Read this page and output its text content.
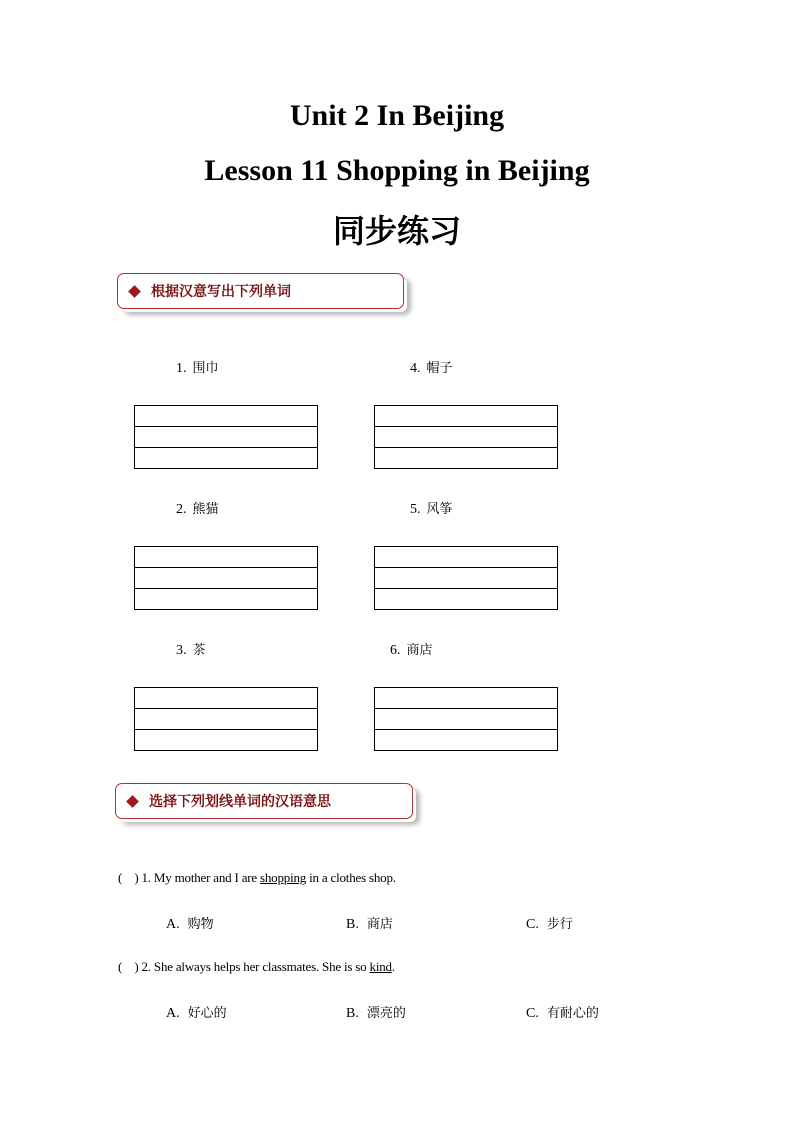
Unit 2 In Beijing
Lesson 11 Shopping in Beijing
同步练习
根据汉意写出下列单词
1. 围巾
2. 熊猫
3. 茶
4. 帽子
5. 风筝
6. 商店
选择下列划线单词的汉语意思
(    ) 1. My mother and I are shopping in a clothes shop.
A. 购物	B. 商店	C. 步行
(    ) 2. She always helps her classmates. She is so kind.
A. 好心的	B. 漂亮的	C. 有耐心的
